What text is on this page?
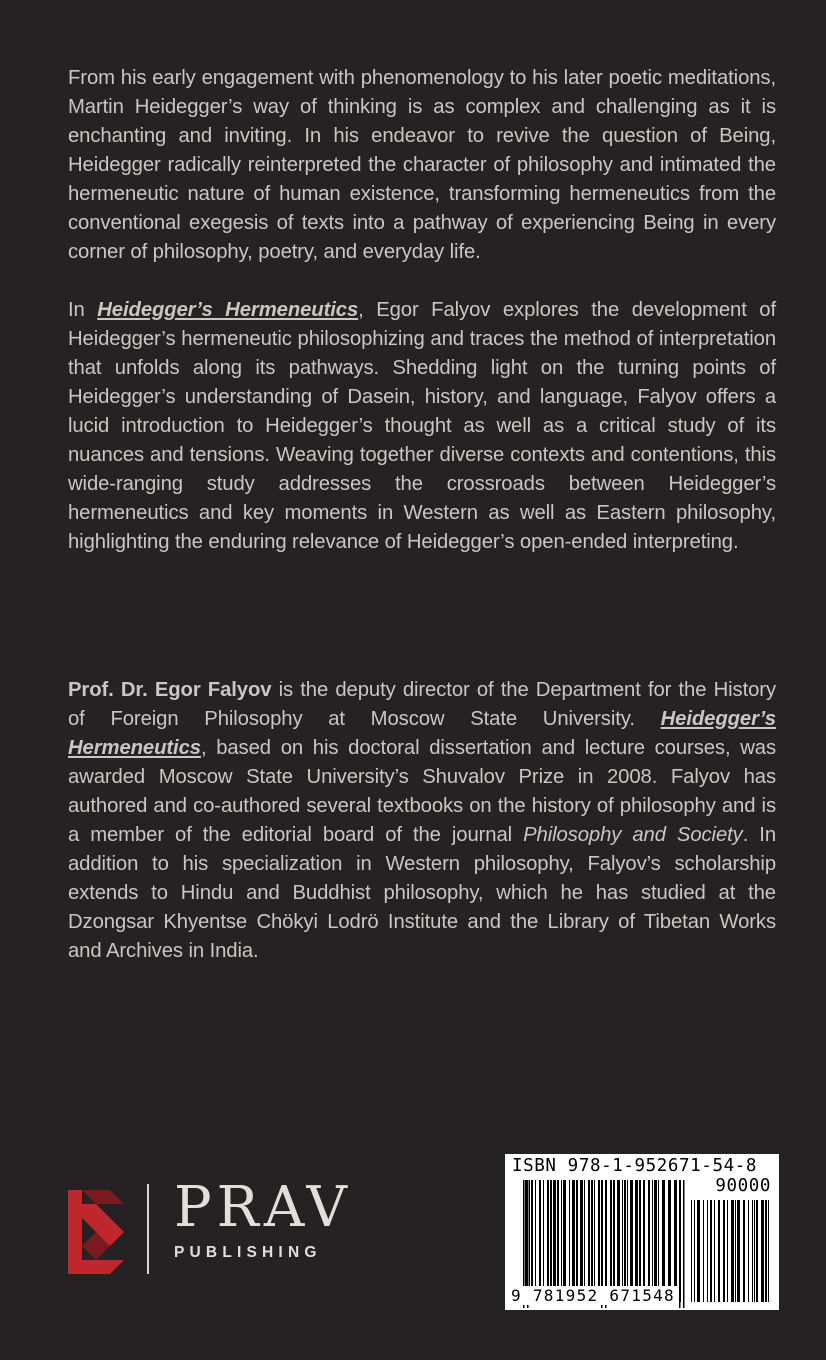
From his early engagement with phenomenology to his later poetic meditations, Martin Heidegger’s way of thinking is as complex and challenging as it is enchanting and inviting. In his endeavor to revive the question of Being, Heidegger radically reinterpreted the character of philosophy and intimated the hermeneutic nature of human existence, transforming hermeneutics from the conventional exegesis of texts into a pathway of experiencing Being in every corner of philosophy, poetry, and everyday life.

In Heidegger’s Hermeneutics, Egor Falyov explores the development of Heidegger’s hermeneutic philosophizing and traces the method of interpretation that unfolds along its pathways. Shedding light on the turning points of Heidegger’s understanding of Dasein, history, and language, Falyov offers a lucid introduction to Heidegger’s thought as well as a critical study of its nuances and tensions. Weaving together diverse contexts and contentions, this wide-ranging study addresses the crossroads between Heidegger’s hermeneutics and key moments in Western as well as Eastern philosophy, highlighting the enduring relevance of Heidegger’s open-ended interpreting.

Prof. Dr. Egor Falyov is the deputy director of the Department for the History of Foreign Philosophy at Moscow State University. Heidegger’s Hermeneutics, based on his doctoral dissertation and lecture courses, was awarded Moscow State University’s Shuvalov Prize in 2008. Falyov has authored and co-authored several textbooks on the history of philosophy and is a member of the editorial board of the journal Philosophy and Society. In addition to his specialization in Western philosophy, Falyov’s scholarship extends to Hindu and Buddhist philosophy, which he has studied at the Dzongsar Khyentse Chökyi Lodrö Institute and the Library of Tibetan Works and Archives in India.

PRAV
PUBLISHING
ISBN 978-1-952671-54-8
90000
9 781952 671548
